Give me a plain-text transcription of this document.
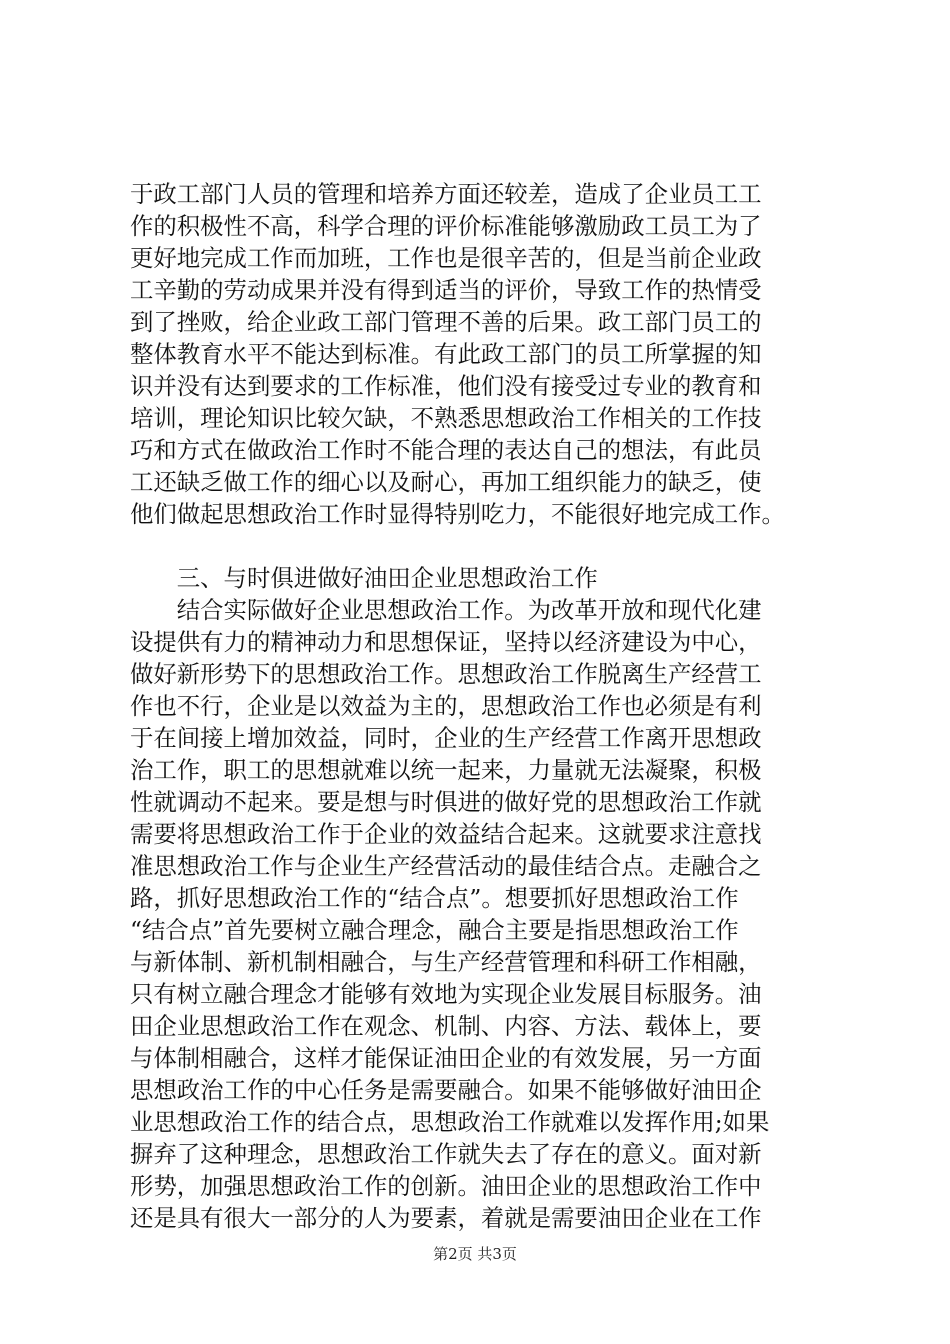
于政工部门人员的管理和培养方面还较差，造成了企业员工工
作的积极性不高，科学合理的评价标准能够激励政工员工为了
更好地完成工作而加班，工作也是很辛苦的，但是当前企业政
工辛勤的劳动成果并没有得到适当的评价，导致工作的热情受
到了挫败，给企业政工部门管理不善的后果。政工部门员工的
整体教育水平不能达到标准。有此政工部门的员工所掌握的知
识并没有达到要求的工作标准，他们没有接受过专业的教育和
培训，理论知识比较欠缺，不熟悉思想政治工作相关的工作技
巧和方式在做政治工作时不能合理的表达自己的想法，有此员
工还缺乏做工作的细心以及耐心，再加工组织能力的缺乏，使
他们做起思想政治工作时显得特别吃力，不能很好地完成工作。
　　三、与时俱进做好油田企业思想政治工作
　　结合实际做好企业思想政治工作。为改革开放和现代化建
设提供有力的精神动力和思想保证，坚持以经济建设为中心，
做好新形势下的思想政治工作。思想政治工作脱离生产经营工
作也不行，企业是以效益为主的，思想政治工作也必须是有利
于在间接上增加效益，同时，企业的生产经营工作离开思想政
治工作，职工的思想就难以统一起来，力量就无法凝聚，积极
性就调动不起来。要是想与时俱进的做好党的思想政治工作就
需要将思想政治工作于企业的效益结合起来。这就要求注意找
准思想政治工作与企业生产经营活动的最佳结合点。走融合之
路，抓好思想政治工作的“结合点”。想要抓好思想政治工作
“结合点”首先要树立融合理念，融合主要是指思想政治工作
与新体制、新机制相融合，与生产经营管理和科研工作相融，
只有树立融合理念才能够有效地为实现企业发展目标服务。油
田企业思想政治工作在观念、机制、内容、方法、载体上，要
与体制相融合，这样才能保证油田企业的有效发展，另一方面
思想政治工作的中心任务是需要融合。如果不能够做好油田企
业思想政治工作的结合点，思想政治工作就难以发挥作用;如果
摒弃了这种理念，思想政治工作就失去了存在的意义。面对新
形势，加强思想政治工作的创新。油田企业的思想政治工作中
还是具有很大一部分的人为要素，着就是需要油田企业在工作
第2页 共3页
